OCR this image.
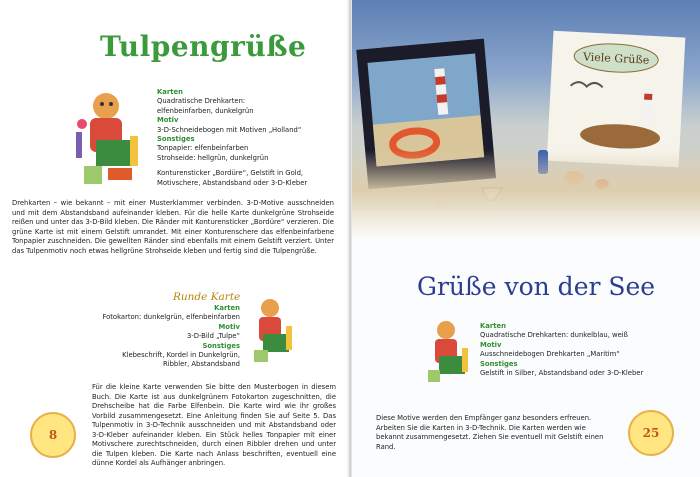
Tulpengrüße
Karten
Quadratische Drehkarten:
elfenbeinfarben, dunkelgrün
Motiv
3-D-Schneidebogen mit Motiven „Holland“
Sonstiges
Tonpapier: elfenbeinfarben
Strohseide: hellgrün, dunkelgrün
Konturensticker „Bordüre“, Gelstift in Gold,
Motivschere, Abstandsband oder 3-D-Kleber
Drehkarten – wie bekannt – mit einer Musterklammer verbinden. 3-D-Motive ausschneiden und mit dem Abstandsband aufeinander kleben. Für die helle Karte dunkelgrüne Strohseide reißen und unter das 3-D-Bild kleben. Die Ränder mit Konturensticker „Bordüre“ verzieren. Die grüne Karte ist mit einem Gelstift umrandet. Mit einer Konturenschere das elfenbeinfarbene Tonpapier zuschneiden. Die gewellten Ränder sind ebenfalls mit einem Gelstift verziert. Unter das Tulpenmotiv noch etwas hellgrüne Strohseide kleben und fertig sind die Tulpengrüße.
Runde Karte
Karten
Fotokarton: dunkelgrün, elfenbeinfarben
Motiv
3-D-Bild „Tulpe“
Sonstiges
Klebeschrift, Kordel in Dunkelgrün,
Ribbler, Abstandsband
Für die kleine Karte verwenden Sie bitte den Musterbogen in diesem Buch. Die Karte ist aus dunkelgrünem Fotokarton zugeschnitten, die Drehscheibe hat die Farbe Elfenbein. Die Karte wird wie ihr großes Vorbild zusammengesetzt. Eine Anleitung finden Sie auf Seite 5. Das Tulpenmotiv in 3-D-Technik ausschneiden und mit Abstandsband oder 3-D-Kleber aufeinander kleben. Ein Stück helles Tonpapier mit einer Motivschere zurechtschneiden, durch einen Ribbler drehen und unter die Tulpen kleben. Die Karte nach Anlass beschriften, eventuell eine dünne Kordel als Aufhänger anbringen.
8
Viele Grüße
Grüße von der See
Karten
Quadratische Drehkarten: dunkelblau, weiß
Motiv
Ausschneidebogen Drehkarten „Maritim“
Sonstiges
Gelstift in Silber, Abstandsband oder 3-D-Kleber
Diese Motive werden den Empfänger ganz besonders erfreuen. Arbeiten Sie die Karten in 3-D-Technik. Die Karten werden wie bekannt zusammengesetzt. Ziehen Sie eventuell mit Gelstift einen Rand.
25
